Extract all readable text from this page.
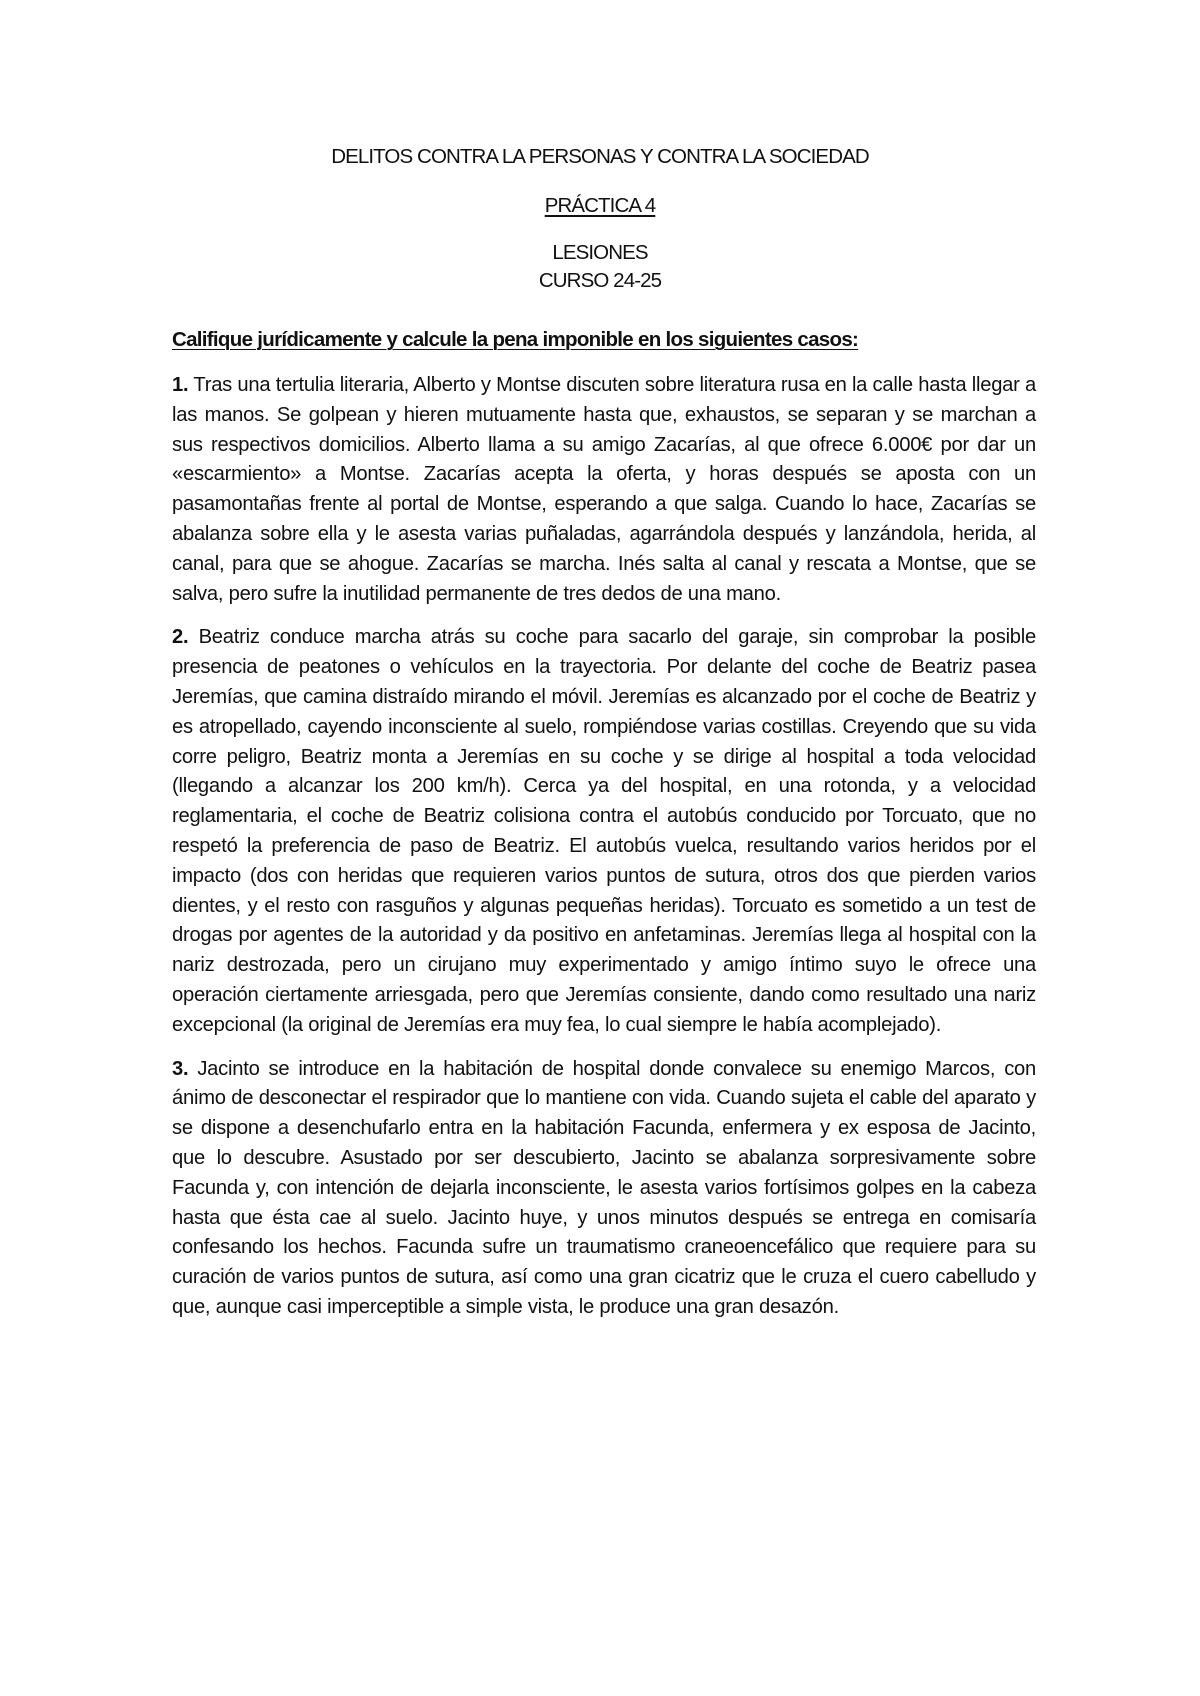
DELITOS CONTRA LA PERSONAS Y CONTRA LA SOCIEDAD

PRÁCTICA 4

LESIONES

CURSO 24-25

Califique jurídicamente y calcule la pena imponible en los siguientes casos:

1. Tras una tertulia literaria, Alberto y Montse discuten sobre literatura rusa en la calle hasta llegar a las manos. Se golpean y hieren mutuamente hasta que, exhaustos, se separan y se marchan a sus respectivos domicilios. Alberto llama a su amigo Zacarías, al que ofrece 6.000€ por dar un «escarmiento» a Montse. Zacarías acepta la oferta, y horas después se aposta con un pasamontañas frente al portal de Montse, esperando a que salga. Cuando lo hace, Zacarías se abalanza sobre ella y le asesta varias puñaladas, agarrándola después y lanzándola, herida, al canal, para que se ahogue. Zacarías se marcha. Inés salta al canal y rescata a Montse, que se salva, pero sufre la inutilidad permanente de tres dedos de una mano.

2. Beatriz conduce marcha atrás su coche para sacarlo del garaje, sin comprobar la posible presencia de peatones o vehículos en la trayectoria. Por delante del coche de Beatriz pasea Jeremías, que camina distraído mirando el móvil. Jeremías es alcanzado por el coche de Beatriz y es atropellado, cayendo inconsciente al suelo, rompiéndose varias costillas. Creyendo que su vida corre peligro, Beatriz monta a Jeremías en su coche y se dirige al hospital a toda velocidad (llegando a alcanzar los 200 km/h). Cerca ya del hospital, en una rotonda, y a velocidad reglamentaria, el coche de Beatriz colisiona contra el autobús conducido por Torcuato, que no respetó la preferencia de paso de Beatriz. El autobús vuelca, resultando varios heridos por el impacto (dos con heridas que requieren varios puntos de sutura, otros dos que pierden varios dientes, y el resto con rasguños y algunas pequeñas heridas). Torcuato es sometido a un test de drogas por agentes de la autoridad y da positivo en anfetaminas. Jeremías llega al hospital con la nariz destrozada, pero un cirujano muy experimentado y amigo íntimo suyo le ofrece una operación ciertamente arriesgada, pero que Jeremías consiente, dando como resultado una nariz excepcional (la original de Jeremías era muy fea, lo cual siempre le había acomplejado).

3. Jacinto se introduce en la habitación de hospital donde convalece su enemigo Marcos, con ánimo de desconectar el respirador que lo mantiene con vida. Cuando sujeta el cable del aparato y se dispone a desenchufarlo entra en la habitación Facunda, enfermera y ex esposa de Jacinto, que lo descubre. Asustado por ser descubierto, Jacinto se abalanza sorpresivamente sobre Facunda y, con intención de dejarla inconsciente, le asesta varios fortísimos golpes en la cabeza hasta que ésta cae al suelo. Jacinto huye, y unos minutos después se entrega en comisaría confesando los hechos. Facunda sufre un traumatismo craneoencefálico que requiere para su curación de varios puntos de sutura, así como una gran cicatriz que le cruza el cuero cabelludo y que, aunque casi imperceptible a simple vista, le produce una gran desazón.
